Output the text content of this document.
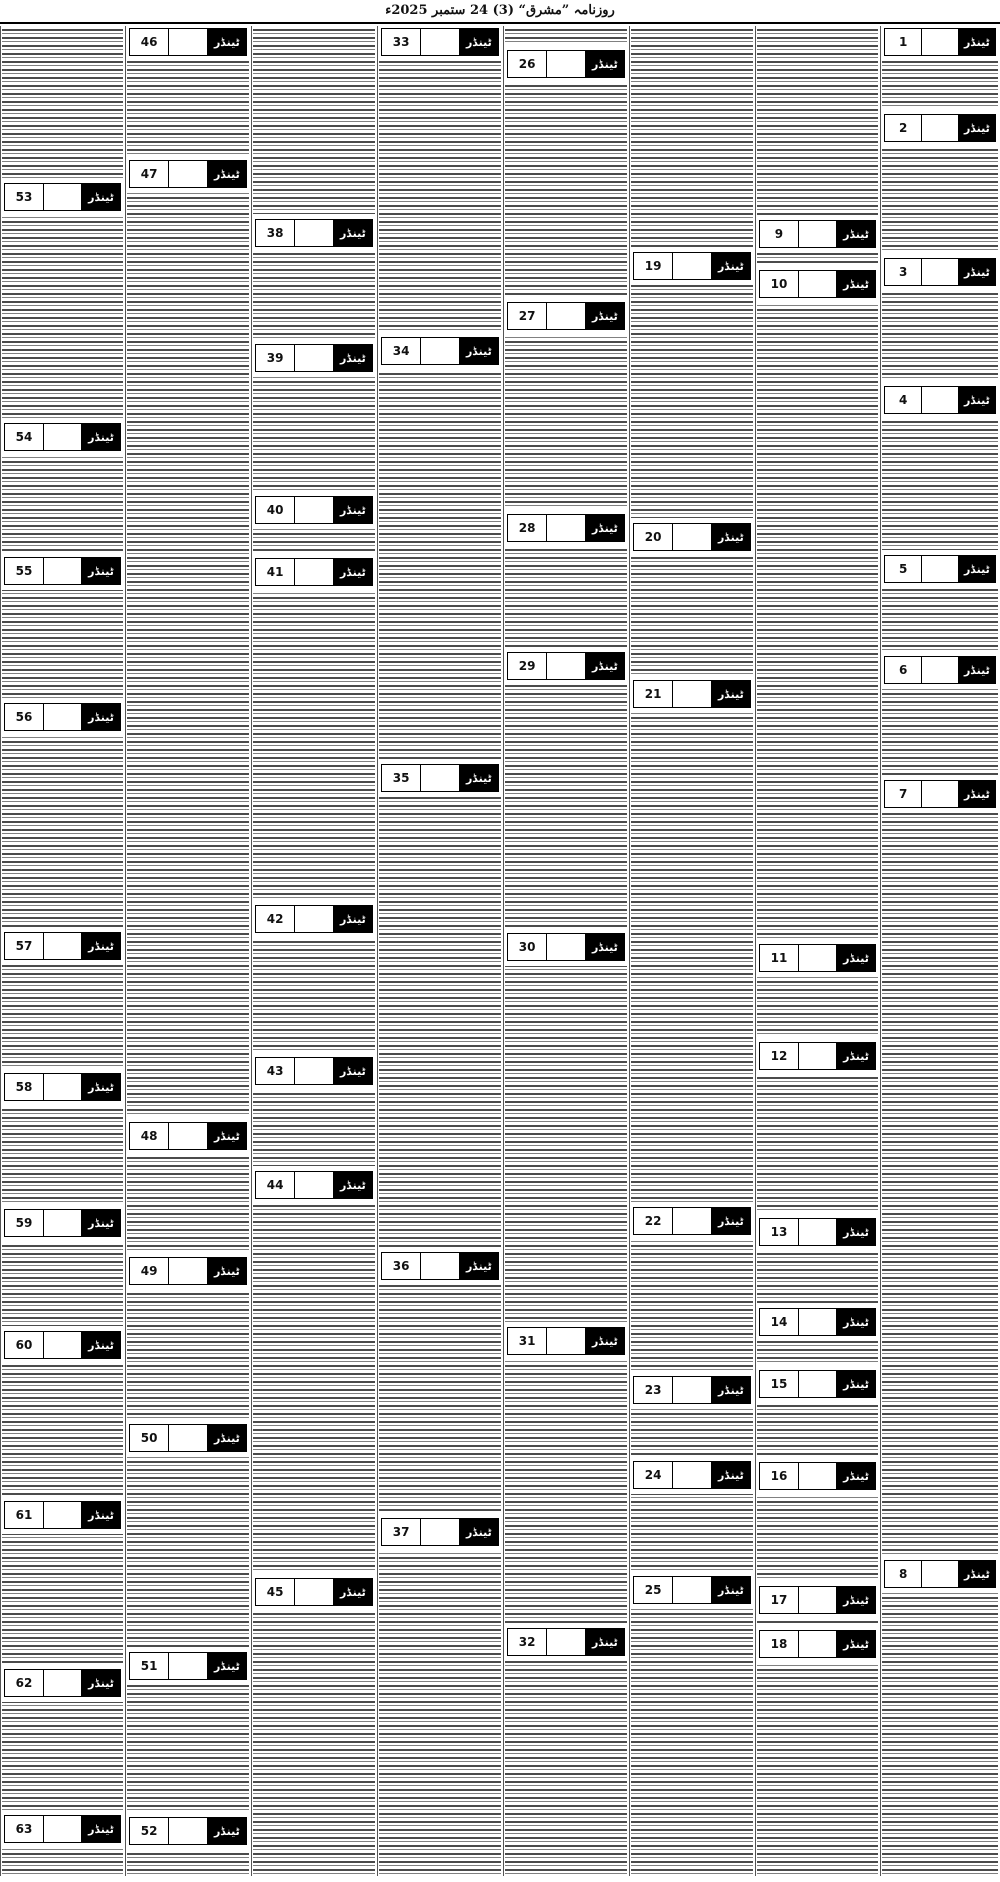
روزنامہ ”مشرق“ (3) 24 ستمبر 2025ء
1	ٹینڈر
2	ٹینڈر
3	ٹینڈر
4	ٹینڈر
5	ٹینڈر
6	ٹینڈر
7	ٹینڈر
8	ٹینڈر
9	ٹینڈر
10	ٹینڈر
11	ٹینڈر
12	ٹینڈر
13	ٹینڈر
14	ٹینڈر
15	ٹینڈر
16	ٹینڈر
17	ٹینڈر
18	ٹینڈر
19	ٹینڈر
20	ٹینڈر
21	ٹینڈر
22	ٹینڈر
23	ٹینڈر
24	ٹینڈر
25	ٹینڈر
26	ٹینڈر
27	ٹینڈر
28	ٹینڈر
29	ٹینڈر
30	ٹینڈر
31	ٹینڈر
32	ٹینڈر
33	ٹینڈر
34	ٹینڈر
35	ٹینڈر
36	ٹینڈر
37	ٹینڈر
38	ٹینڈر
39	ٹینڈر
40	ٹینڈر
41	ٹینڈر
42	ٹینڈر
43	ٹینڈر
44	ٹینڈر
45	ٹینڈر
46	ٹینڈر
47	ٹینڈر
48	ٹینڈر
49	ٹینڈر
50	ٹینڈر
51	ٹینڈر
52	ٹینڈر
53	ٹینڈر
54	ٹینڈر
55	ٹینڈر
56	ٹینڈر
57	ٹینڈر
58	ٹینڈر
59	ٹینڈر
60	ٹینڈر
61	ٹینڈر
62	ٹینڈر
63	ٹینڈر
